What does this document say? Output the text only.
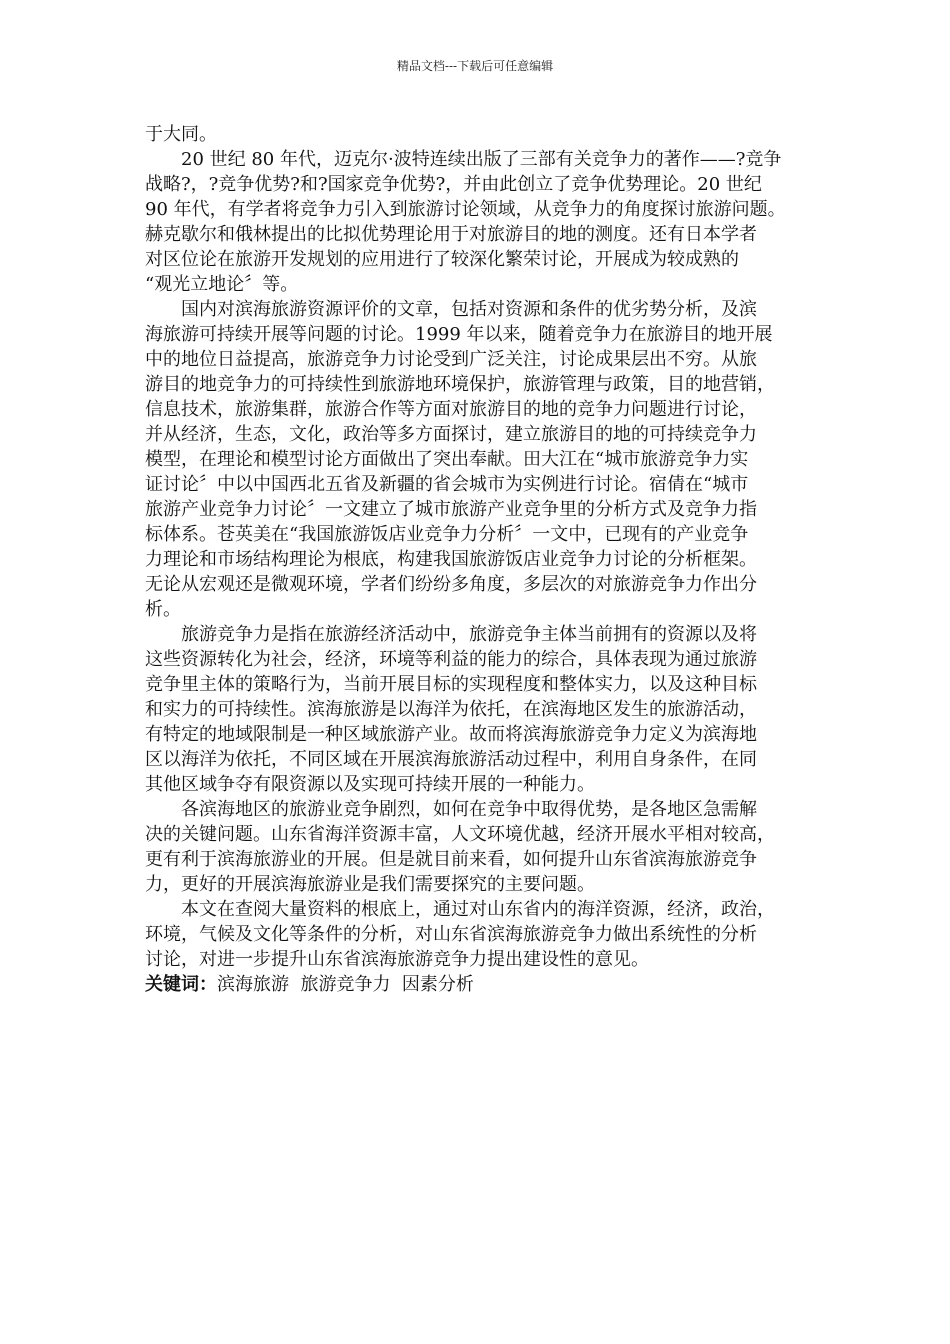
精品文档---下载后可任意编辑
于大同。
20 世纪 80 年代，迈克尔·波特连续出版了三部有关竞争力的著作——?竞争
战略?，?竞争优势?和?国家竞争优势?，并由此创立了竞争优势理论。20 世纪
90 年代，有学者将竞争力引入到旅游讨论领域，从竞争力的角度探讨旅游问题。
赫克歇尔和俄林提出的比拟优势理论用于对旅游目的地的测度。还有日本学者
对区位论在旅游开发规划的应用进行了较深化繁荣讨论，开展成为较成熟的
“观光立地论〞等。
国内对滨海旅游资源评价的文章，包括对资源和条件的优劣势分析，及滨
海旅游可持续开展等问题的讨论。1999 年以来，随着竞争力在旅游目的地开展
中的地位日益提高，旅游竞争力讨论受到广泛关注，讨论成果层出不穷。从旅
游目的地竞争力的可持续性到旅游地环境保护，旅游管理与政策，目的地营销，
信息技术，旅游集群，旅游合作等方面对旅游目的地的竞争力问题进行讨论，
并从经济，生态，文化，政治等多方面探讨，建立旅游目的地的可持续竞争力
模型，在理论和模型讨论方面做出了突出奉献。田大江在“城市旅游竞争力实
证讨论〞中以中国西北五省及新疆的省会城市为实例进行讨论。宿倩在“城市
旅游产业竞争力讨论〞一文建立了城市旅游产业竞争里的分析方式及竞争力指
标体系。苍英美在“我国旅游饭店业竞争力分析〞一文中，已现有的产业竞争
力理论和市场结构理论为根底，构建我国旅游饭店业竞争力讨论的分析框架。
无论从宏观还是微观环境，学者们纷纷多角度，多层次的对旅游竞争力作出分
析。
旅游竞争力是指在旅游经济活动中，旅游竞争主体当前拥有的资源以及将
这些资源转化为社会，经济，环境等利益的能力的综合，具体表现为通过旅游
竞争里主体的策略行为，当前开展目标的实现程度和整体实力，以及这种目标
和实力的可持续性。滨海旅游是以海洋为依托，在滨海地区发生的旅游活动，
有特定的地域限制是一种区域旅游产业。故而将滨海旅游竞争力定义为滨海地
区以海洋为依托，不同区域在开展滨海旅游活动过程中，利用自身条件，在同
其他区域争夺有限资源以及实现可持续开展的一种能力。
各滨海地区的旅游业竞争剧烈，如何在竞争中取得优势，是各地区急需解
决的关键问题。山东省海洋资源丰富，人文环境优越，经济开展水平相对较高，
更有利于滨海旅游业的开展。但是就目前来看，如何提升山东省滨海旅游竞争
力，更好的开展滨海旅游业是我们需要探究的主要问题。
本文在查阅大量资料的根底上，通过对山东省内的海洋资源，经济，政治，
环境，气候及文化等条件的分析，对山东省滨海旅游竞争力做出系统性的分析
讨论，对进一步提升山东省滨海旅游竞争力提出建设性的意见。
关键词：滨海旅游  旅游竞争力  因素分析
